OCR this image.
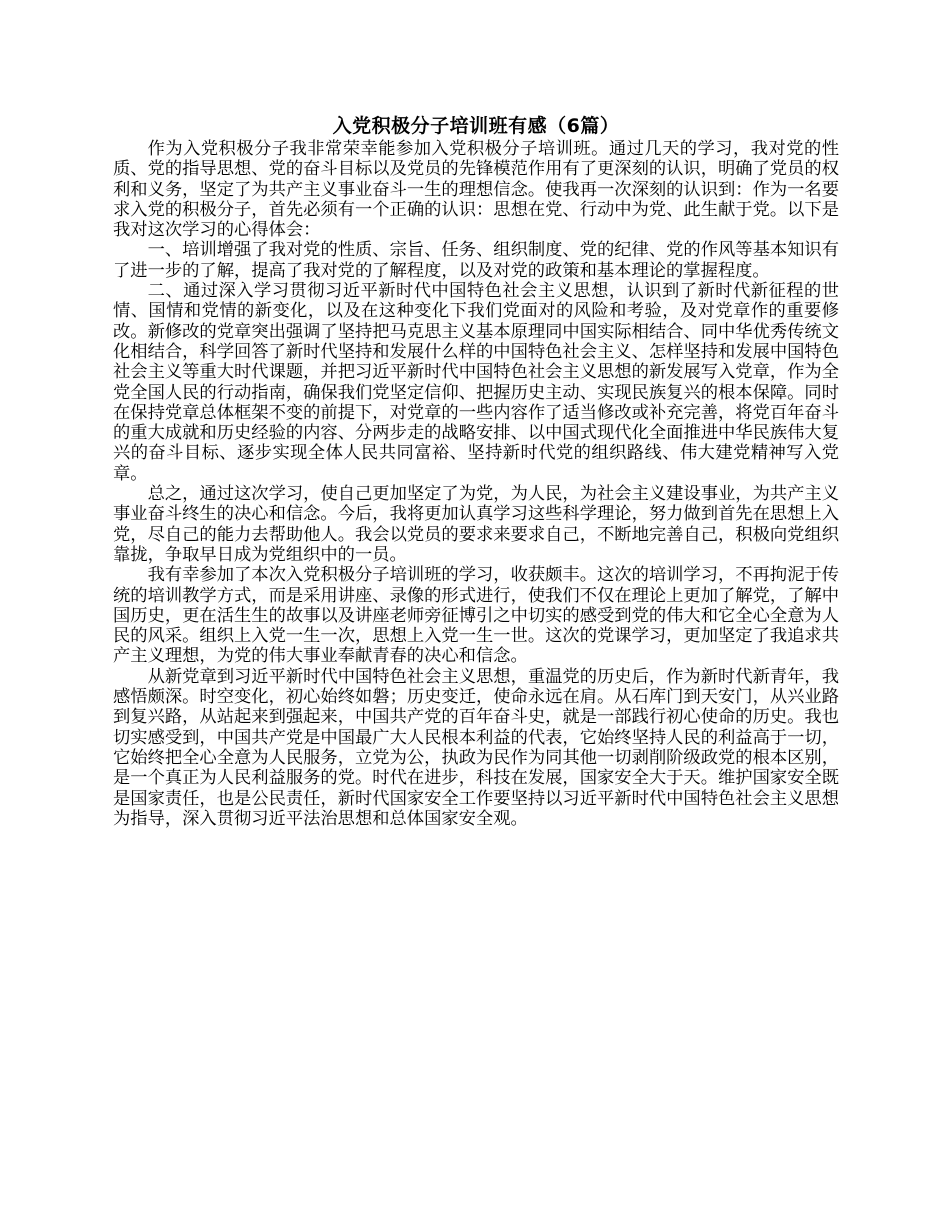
入党积极分子培训班有感（6篇）

作为入党积极分子我非常荣幸能参加入党积极分子培训班。通过几天的学习，我对党的性质、党的指导思想、党的奋斗目标以及党员的先锋模范作用有了更深刻的认识，明确了党员的权利和义务，坚定了为共产主义事业奋斗一生的理想信念。使我再一次深刻的认识到：作为一名要求入党的积极分子，首先必须有一个正确的认识：思想在党、行动中为党、此生献于党。以下是我对这次学习的心得体会：

一、培训增强了我对党的性质、宗旨、任务、组织制度、党的纪律、党的作风等基本知识有了进一步的了解，提高了我对党的了解程度，以及对党的政策和基本理论的掌握程度。

二、通过深入学习贯彻习近平新时代中国特色社会主义思想，认识到了新时代新征程的世情、国情和党情的新变化，以及在这种变化下我们党面对的风险和考验，及对党章作的重要修改。新修改的党章突出强调了坚持把马克思主义基本原理同中国实际相结合、同中华优秀传统文化相结合，科学回答了新时代坚持和发展什么样的中国特色社会主义、怎样坚持和发展中国特色社会主义等重大时代课题，并把习近平新时代中国特色社会主义思想的新发展写入党章，作为全党全国人民的行动指南，确保我们党坚定信仰、把握历史主动、实现民族复兴的根本保障。同时在保持党章总体框架不变的前提下，对党章的一些内容作了适当修改或补充完善，将党百年奋斗的重大成就和历史经验的内容、分两步走的战略安排、以中国式现代化全面推进中华民族伟大复兴的奋斗目标、逐步实现全体人民共同富裕、坚持新时代党的组织路线、伟大建党精神写入党章。

总之，通过这次学习，使自己更加坚定了为党，为人民，为社会主义建设事业，为共产主义事业奋斗终生的决心和信念。今后，我将更加认真学习这些科学理论，努力做到首先在思想上入党，尽自己的能力去帮助他人。我会以党员的要求来要求自己，不断地完善自己，积极向党组织靠拢，争取早日成为党组织中的一员。

我有幸参加了本次入党积极分子培训班的学习，收获颇丰。这次的培训学习，不再拘泥于传统的培训教学方式，而是采用讲座、录像的形式进行，使我们不仅在理论上更加了解党，了解中国历史，更在活生生的故事以及讲座老师旁征博引之中切实的感受到党的伟大和它全心全意为人民的风采。组织上入党一生一次，思想上入党一生一世。这次的党课学习，更加坚定了我追求共产主义理想，为党的伟大事业奉献青春的决心和信念。

从新党章到习近平新时代中国特色社会主义思想，重温党的历史后，作为新时代新青年，我感悟颇深。时空变化，初心始终如磐；历史变迁，使命永远在肩。从石库门到天安门，从兴业路到复兴路，从站起来到强起来，中国共产党的百年奋斗史，就是一部践行初心使命的历史。我也切实感受到，中国共产党是中国最广大人民根本利益的代表，它始终坚持人民的利益高于一切，它始终把全心全意为人民服务，立党为公，执政为民作为同其他一切剥削阶级政党的根本区别，是一个真正为人民利益服务的党。时代在进步，科技在发展，国家安全大于天。维护国家安全既是国家责任，也是公民责任，新时代国家安全工作要坚持以习近平新时代中国特色社会主义思想为指导，深入贯彻习近平法治思想和总体国家安全观。
